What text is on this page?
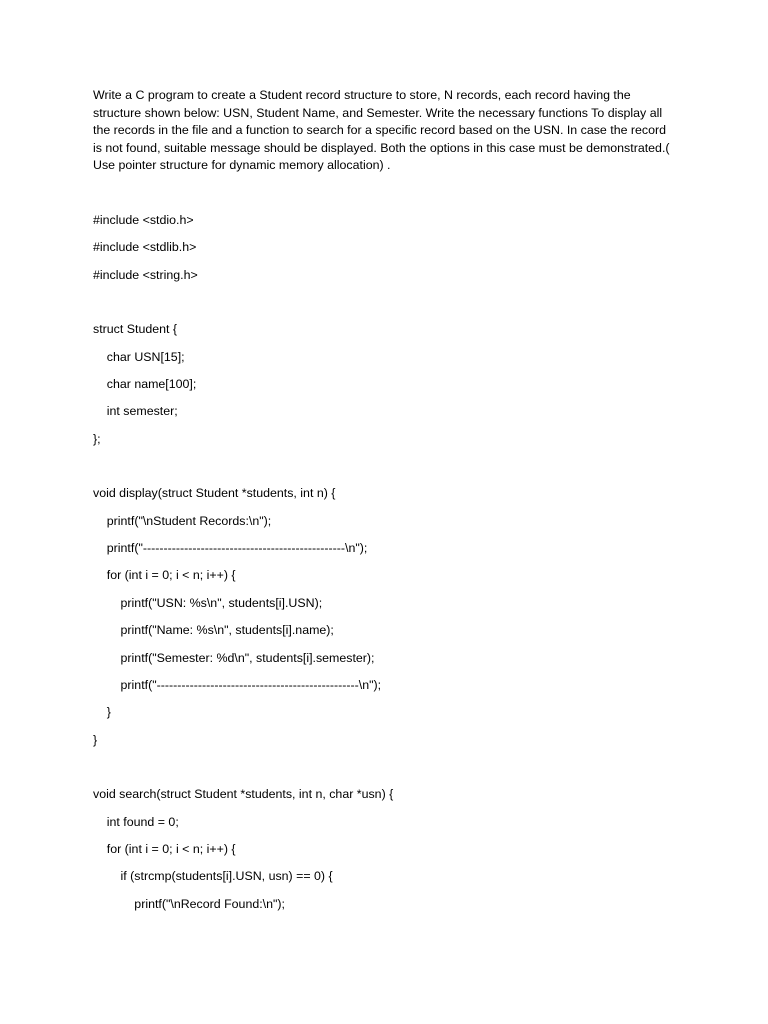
Write a C program to create a Student record structure to store, N records, each record having the structure shown below: USN, Student Name, and Semester. Write the necessary functions To display all the records in the file and a function to search for a specific record based on the USN. In case the record is not found, suitable message should be displayed. Both the options in this case must be demonstrated.( Use pointer structure for dynamic memory allocation) .

#include <stdio.h>
#include <stdlib.h>
#include <string.h>
struct Student {
char USN[15];
char name[100];
int semester;
};
void display(struct Student *students, int n) {
printf("\nStudent Records:\n");
printf("-------------------------------------------------\n");
for (int i = 0; i < n; i++) {
printf("USN: %s\n", students[i].USN);
printf("Name: %s\n", students[i].name);
printf("Semester: %d\n", students[i].semester);
printf("-------------------------------------------------\n");
}
}
void search(struct Student *students, int n, char *usn) {
int found = 0;
for (int i = 0; i < n; i++) {
if (strcmp(students[i].USN, usn) == 0) {
printf("\nRecord Found:\n");
